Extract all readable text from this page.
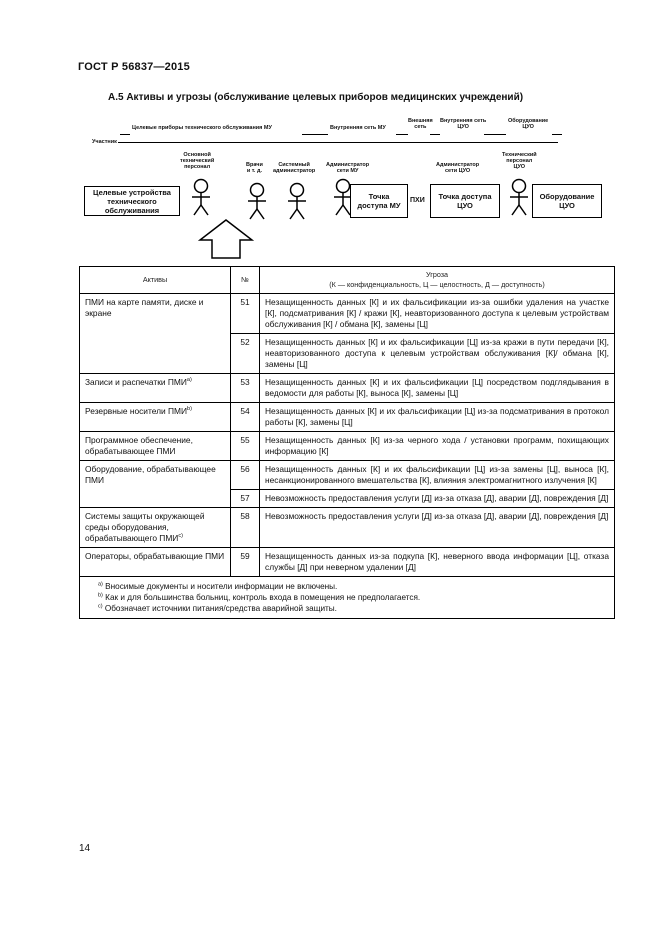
ГОСТ Р 56837—2015
А.5 Активы и угрозы (обслуживание целевых приборов медицинских учреждений)
Целевые приборы технического обслуживания МУ	Внутренняя сеть МУ
Внешняя
сеть
Внутренняя сеть
ЦУО
Оборудование
ЦУО
Участник
Основной
технический
персонал	Врачи
и т. д.
Системный
администратор
Администратор
сети МУ
Администратор
сети ЦУО
Технический
персонал
ЦУО
Целевые устройства
технического
обслуживания
Точка
доступа МУ
ПХИ Точка доступа
ЦУО
Оборудование
ЦУО
Активы	№	Угроза
(К — конфиденциальность, Ц — целостность, Д — доступность)
ПМИ на карте памяти, диске и экране	51	Незащищенность данных [К] и их фальсификации из-за ошибки удаления на участке [К], подсматривания [К] / кражи [К], неавторизованного доступа к целевым устройствам обслуживания [К] / обмана [К], замены [Ц]
	52	Незащищенность данных [К] и их фальсификации [Ц] из-за кражи в пути передачи [К], неавторизованного доступа к целевым устройствам обслуживания [К]/ обмана [К], замены [Ц]
Записи и распечатки $ПМИ^{а)}$	53	Незащищенность данных [К] и их фальсификации [Ц] посредством подглядывания в ведомости для работы [К], выноса [К], замены [Ц]
Резервные носители ПМИ$^{b)}$	54	Незащищенность данных [К] и их фальсификации [Ц] из-за подсматривания в протокол работы [К], замены [Ц]
Программное обеспечение, обрабатывающее ПМИ	55	Незащищенность данных [К] из-за черного хода / установки программ, похищающих информацию [К]
Оборудование, обрабатывающее ПМИ	56	Незащищенность данных [К] и их фальсификации [Ц] из-за замены [Ц], выноса [К], несанкционированного вмешательства [К], влияния электромагнитного излучения [К]
	57	Невозможность предоставления услуги [Д] из-за отказа [Д], аварии [Д], повреждения [Д]
Системы защиты окружающей среды оборудования, обрабатывающего $ПМИ^{с)}$	58	Невозможность предоставления услуги [Д] из-за отказа [Д], аварии [Д], повреждения [Д]
Операторы, обрабатывающие ПМИ	59	Незащищенность данных из-за подкупа [К], неверного ввода информации [Ц], отказа службы [Д] при неверном удалении [Д]

$^{а)}$ Вносимые документы и носители информации не включены.
$^{b)}$ Как и для большинства больниц, контроль входа в помещения не предполагается.
$^{с)}$ Обозначает источники питания/средства аварийной защиты.		
14
